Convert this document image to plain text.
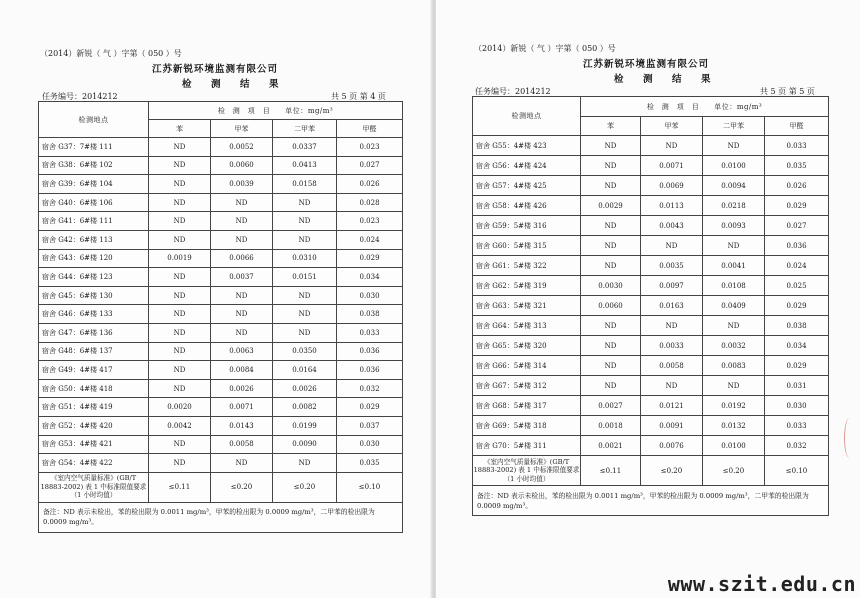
（2014）新锐（ 气 ）字第（ 050 ）号
江苏新锐环境监测有限公司
检　测　结　果
任务编号：2014212	共 5 页 第 4 页
检测地点	检　测　项　目　　单位：mg/m³			
	苯	甲苯	二甲苯	甲醛
宿舍 G37：7#楼 111	ND	0.0052	0.0337	0.023
宿舍 G38：6#楼 102	ND	0.0060	0.0413	0.027
宿舍 G39：6#楼 104	ND	0.0039	0.0158	0.026
宿舍 G40：6#楼 106	ND	ND	ND	0.028
宿舍 G41：6#楼 111	ND	ND	ND	0.023
宿舍 G42：6#楼 113	ND	ND	ND	0.024
宿舍 G43：6#楼 120	0.0019	0.0066	0.0310	0.029
宿舍 G44：6#楼 123	ND	0.0037	0.0151	0.034
宿舍 G45：6#楼 130	ND	ND	ND	0.030
宿舍 G46：6#楼 133	ND	ND	ND	0.038
宿舍 G47：6#楼 136	ND	ND	ND	0.033
宿舍 G48：6#楼 137	ND	0.0063	0.0350	0.036
宿舍 G49：4#楼 417	ND	0.0084	0.0164	0.036
宿舍 G50：4#楼 418	ND	0.0026	0.0026	0.032
宿舍 G51：4#楼 419	0.0020	0.0071	0.0082	0.029
宿舍 G52：4#楼 420	0.0042	0.0143	0.0199	0.037
宿舍 G53：4#楼 421	ND	0.0058	0.0090	0.030
宿舍 G54：4#楼 422	ND	ND	ND	0.035
《室内空气质量标准》(GB/T 18883-2002) 表 1 中标准限值要求（1 小时均值）	≤0.11	≤0.20	≤0.20	≤0.10
备注：ND 表示未检出，苯的检出限为 0.0011 mg/m³，甲苯的检出限为 0.0009 mg/m³，二甲苯的检出限为 0.0009 mg/m³。				
（2014）新锐（ 气 ）字第（ 050 ）号
江苏新锐环境监测有限公司
检　测　结　果
任务编号：2014212	共 5 页 第 5 页
检测地点	检　测　项　目　　单位：mg/m³			
	苯	甲苯	二甲苯	甲醛
宿舍 G55：4#楼 423	ND	ND	ND	0.033
宿舍 G56：4#楼 424	ND	0.0071	0.0100	0.035
宿舍 G57：4#楼 425	ND	0.0069	0.0094	0.026
宿舍 G58：4#楼 426	0.0029	0.0113	0.0218	0.029
宿舍 G59：5#楼 316	ND	0.0043	0.0093	0.027
宿舍 G60：5#楼 315	ND	ND	ND	0.036
宿舍 G61：5#楼 322	ND	0.0035	0.0041	0.024
宿舍 G62：5#楼 319	0.0030	0.0097	0.0108	0.025
宿舍 G63：5#楼 321	0.0060	0.0163	0.0409	0.029
宿舍 G64：5#楼 313	ND	ND	ND	0.038
宿舍 G65：5#楼 320	ND	0.0033	0.0032	0.034
宿舍 G66：5#楼 314	ND	0.0058	0.0083	0.029
宿舍 G67：5#楼 312	ND	ND	ND	0.031
宿舍 G68：5#楼 317	0.0027	0.0121	0.0192	0.030
宿舍 G69：5#楼 318	0.0018	0.0091	0.0132	0.033
宿舍 G70：5#楼 311	0.0021	0.0076	0.0100	0.032
《室内空气质量标准》(GB/T 18883-2002) 表 1 中标准限值要求（1 小时均值）	≤0.11	≤0.20	≤0.20	≤0.10
备注：ND 表示未检出，苯的检出限为 0.0011 mg/m³，甲苯的检出限为 0.0009 mg/m³，二甲苯的检出限为 0.0009 mg/m³。				
www.szit.edu.cn
